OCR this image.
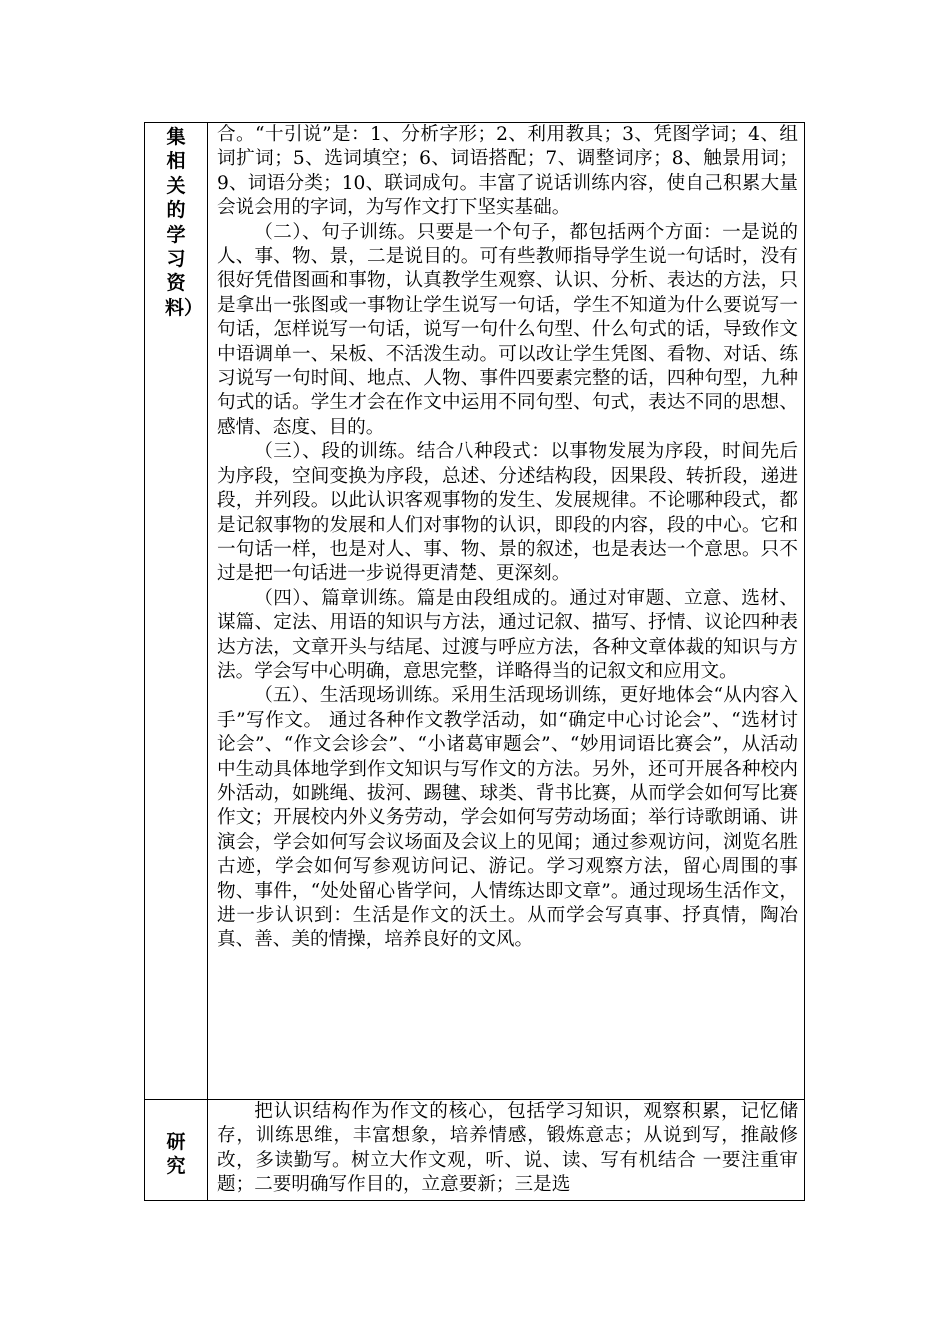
集相关的学习资料）	合。“十引说”是：1、分析字形；2、利用教具；3、凭图学词；4、组词扩词；5、选词填空；6、词语搭配；7、调整词序；8、触景用词；9、词语分类；10、联词成句。丰富了说话训练内容，使自己积累大量会说会用的字词，为写作文打下坚实基础。

（二）、句子训练。只要是一个句子，都包括两个方面：一是说的人、事、物、景，二是说目的。可有些教师指导学生说一句话时，没有很好凭借图画和事物，认真教学生观察、认识、分析、表达的方法，只是拿出一张图或一事物让学生说写一句话，学生不知道为什么要说写一句话，怎样说写一句话，说写一句什么句型、什么句式的话，导致作文中语调单一、呆板、不活泼生动。可以改让学生凭图、看物、对话、练习说写一句时间、地点、人物、事件四要素完整的话，四种句型，九种句式的话。学生才会在作文中运用不同句型、句式，表达不同的思想、感情、态度、目的。

（三）、段的训练。结合八种段式：以事物发展为序段，时间先后为序段，空间变换为序段，总述、分述结构段，因果段、转折段，递进段，并列段。以此认识客观事物的发生、发展规律。不论哪种段式，都是记叙事物的发展和人们对事物的认识，即段的内容，段的中心。它和一句话一样，也是对人、事、物、景的叙述，也是表达一个意思。只不过是把一句话进一步说得更清楚、更深刻。

（四）、篇章训练。篇是由段组成的。通过对审题、立意、选材、谋篇、定法、用语的知识与方法，通过记叙、描写、抒情、议论四种表达方法，文章开头与结尾、过渡与呼应方法，各种文章体裁的知识与方法。学会写中心明确，意思完整，详略得当的记叙文和应用文。

（五）、生活现场训练。采用生活现场训练，更好地体会“从内容入手”写作文。 通过各种作文教学活动，如“确定中心讨论会”、“选材讨论会”、“作文会诊会”、“小诸葛审题会”、“妙用词语比赛会”，从活动中生动具体地学到作文知识与写作文的方法。另外，还可开展各种校内外活动，如跳绳、拔河、踢毽、球类、背书比赛，从而学会如何写比赛作文；开展校内外义务劳动，学会如何写劳动场面；举行诗歌朗诵、讲演会，学会如何写会议场面及会议上的见闻；通过参观访问，浏览名胜古迹，学会如何写参观访问记、游记。学习观察方法，留心周围的事物、事件，“处处留心皆学问，人情练达即文章”。通过现场生活作文，进一步认识到：生活是作文的沃土。从而学会写真事、抒真情，陶冶真、善、美的情操，培养良好的文风。

研究	把认识结构作为作文的核心，包括学习知识，观察积累，记忆储存，训练思维，丰富想象，培养情感，锻炼意志；从说到写，推敲修改，多读勤写。树立大作文观，听、说、读、写有机结合 一要注重审题；二要明确写作目的，立意要新；三是选
